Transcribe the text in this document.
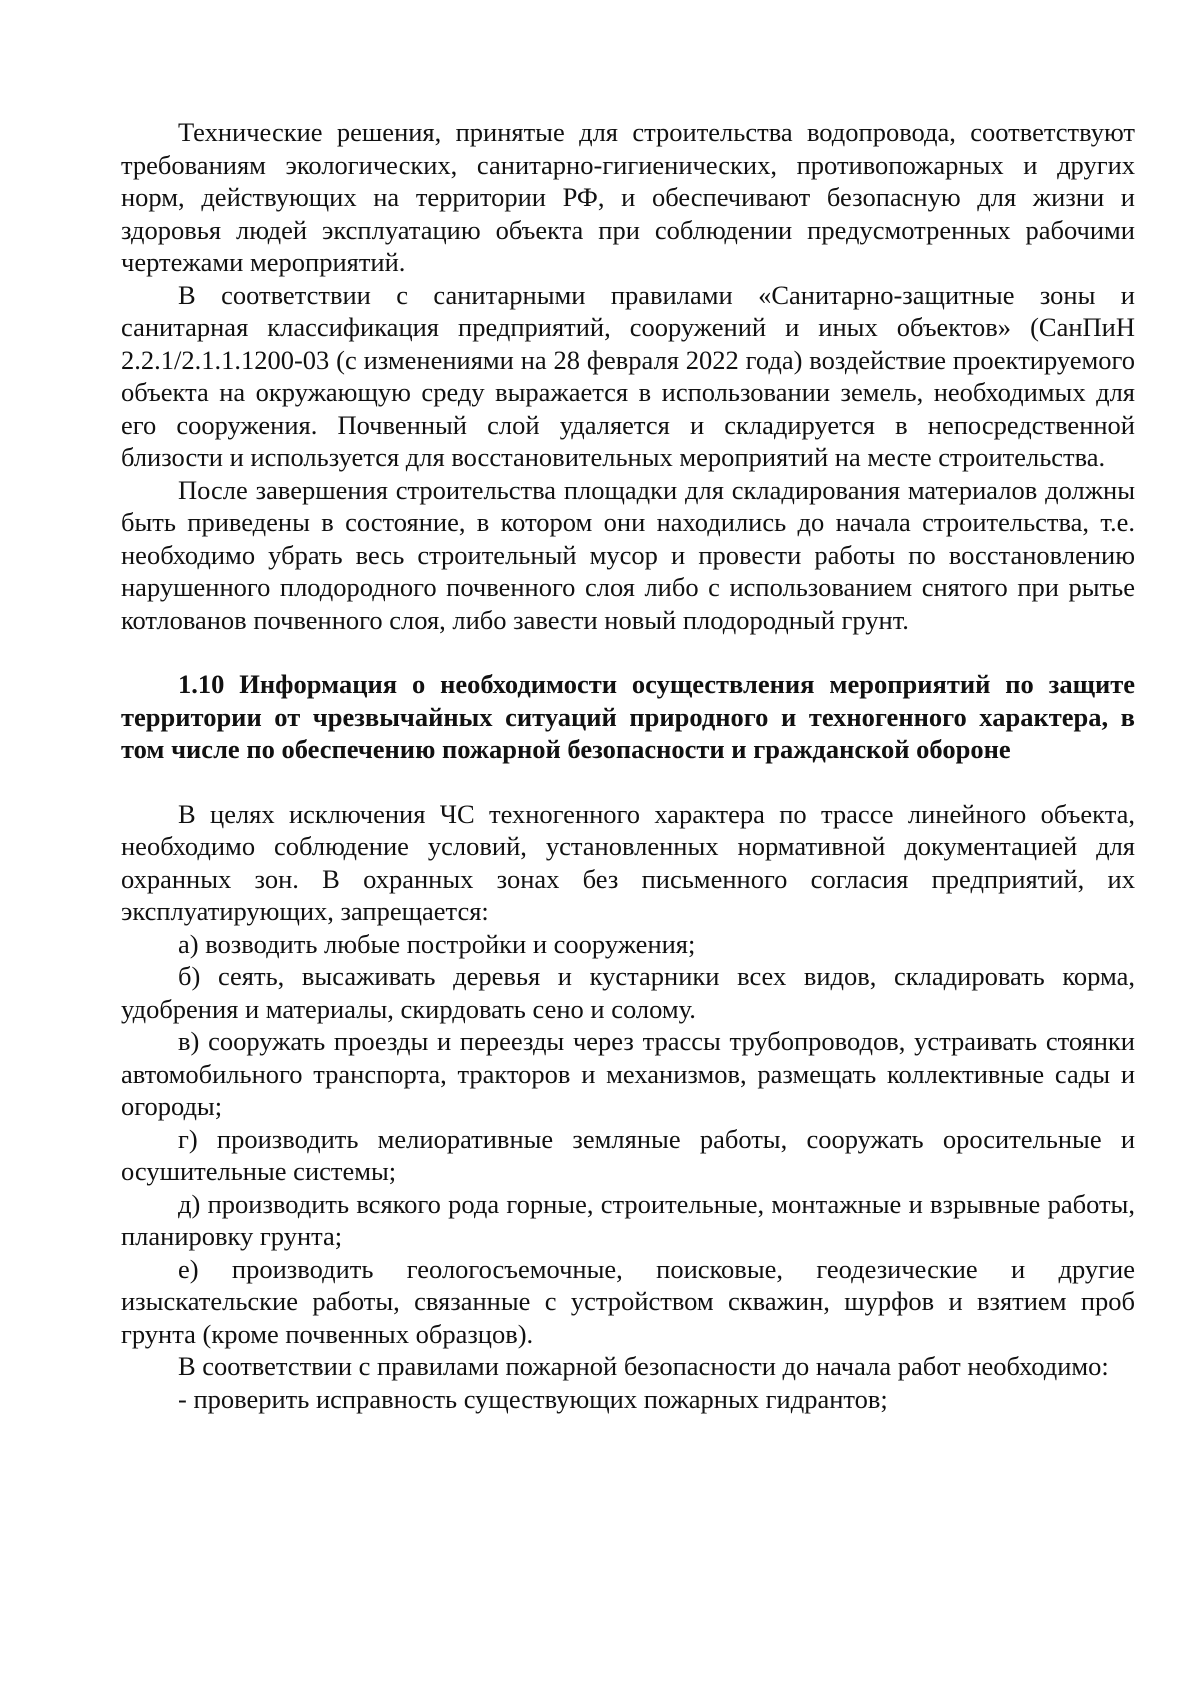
Технические решения, принятые для строительства водопровода, соответствуют требованиям экологических, санитарно-гигиенических, противопожарных и других норм, действующих на территории РФ, и обеспечивают безопасную для жизни и здоровья людей эксплуатацию объекта при соблюдении предусмотренных рабочими чертежами мероприятий.

В соответствии с санитарными правилами «Санитарно-защитные зоны и санитарная классификация предприятий, сооружений и иных объектов» (СанПиН 2.2.1/2.1.1.1200-03 (с изменениями на 28 февраля 2022 года) воздействие проектируемого объекта на окружающую среду выражается в использовании земель, необходимых для его сооружения. Почвенный слой удаляется и складируется в непосредственной близости и используется для восстановительных мероприятий на месте строительства.

После завершения строительства площадки для складирования материалов должны быть приведены в состояние, в котором они находились до начала строительства, т.е. необходимо убрать весь строительный мусор и провести работы по восстановлению нарушенного плодородного почвенного слоя либо с использованием снятого при рытье котлованов почвенного слоя, либо завести новый плодородный грунт.

1.10 Информация о необходимости осуществления мероприятий по защите территории от чрезвычайных ситуаций природного и техногенного характера, в том числе по обеспечению пожарной безопасности и гражданской обороне

В целях исключения ЧС техногенного характера по трассе линейного объекта, необходимо соблюдение условий, установленных нормативной документацией для охранных зон. В охранных зонах без письменного согласия предприятий, их эксплуатирующих, запрещается:

а) возводить любые постройки и сооружения;

б) сеять, высаживать деревья и кустарники всех видов, складировать корма, удобрения и материалы, скирдовать сено и солому.

в) сооружать проезды и переезды через трассы трубопроводов, устраивать стоянки автомобильного транспорта, тракторов и механизмов, размещать коллективные сады и огороды;

г) производить мелиоративные земляные работы, сооружать оросительные и осушительные системы;

д) производить всякого рода горные, строительные, монтажные и взрывные работы, планировку грунта;

е) производить геологосъемочные, поисковые, геодезические и другие изыскательские работы, связанные с устройством скважин, шурфов и взятием проб грунта (кроме почвенных образцов).

В соответствии с правилами пожарной безопасности до начала работ необходимо:

- проверить исправность существующих пожарных гидрантов;
